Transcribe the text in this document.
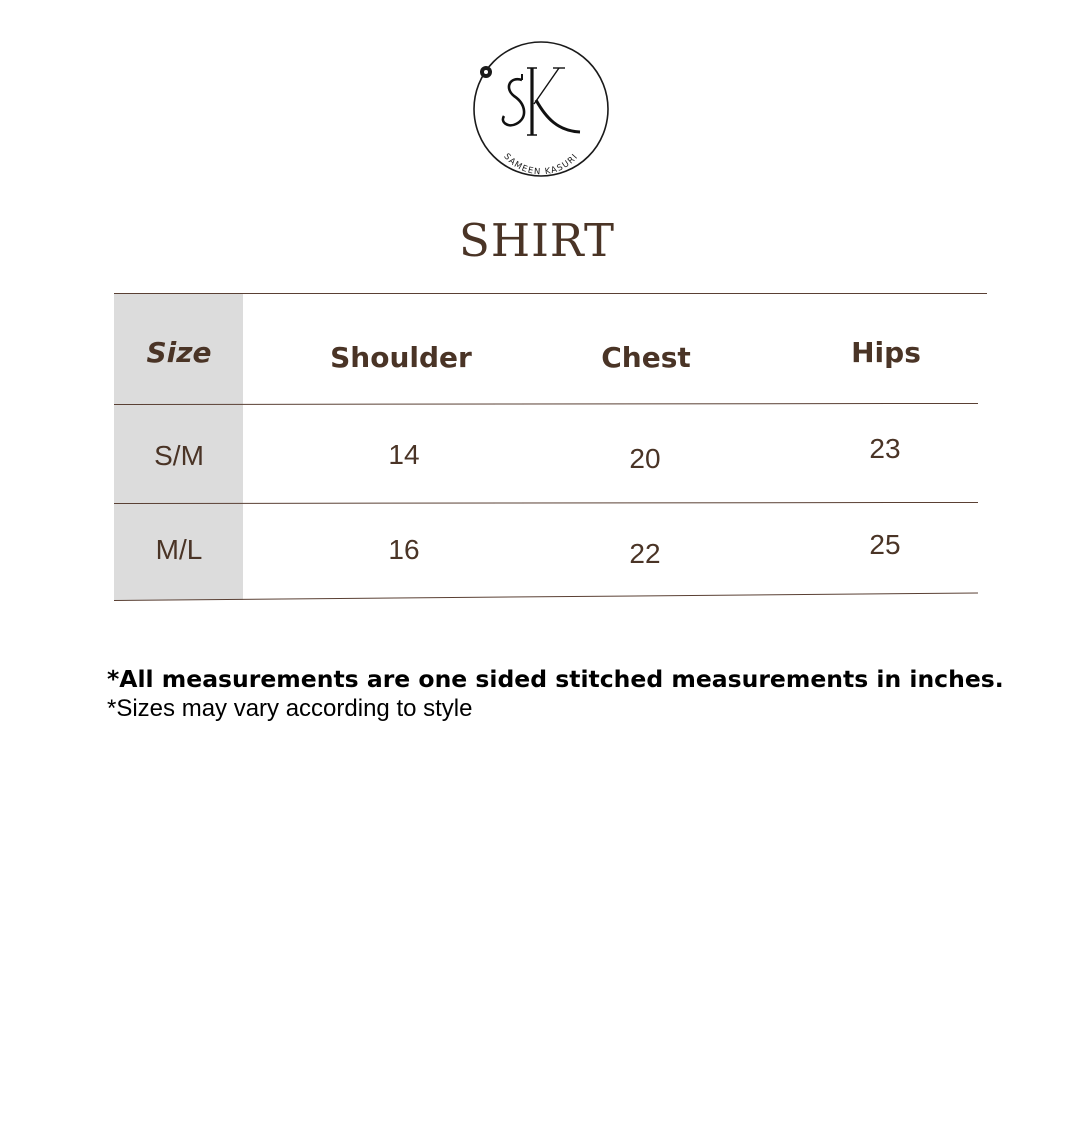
SAMEEN KASURI
SHIRT
Size	Shoulder	Chest	Hips
S/M	14	20	23
M/L	16	22	25
*All measurements are one sided stitched measurements in inches.
*Sizes may vary according to style
